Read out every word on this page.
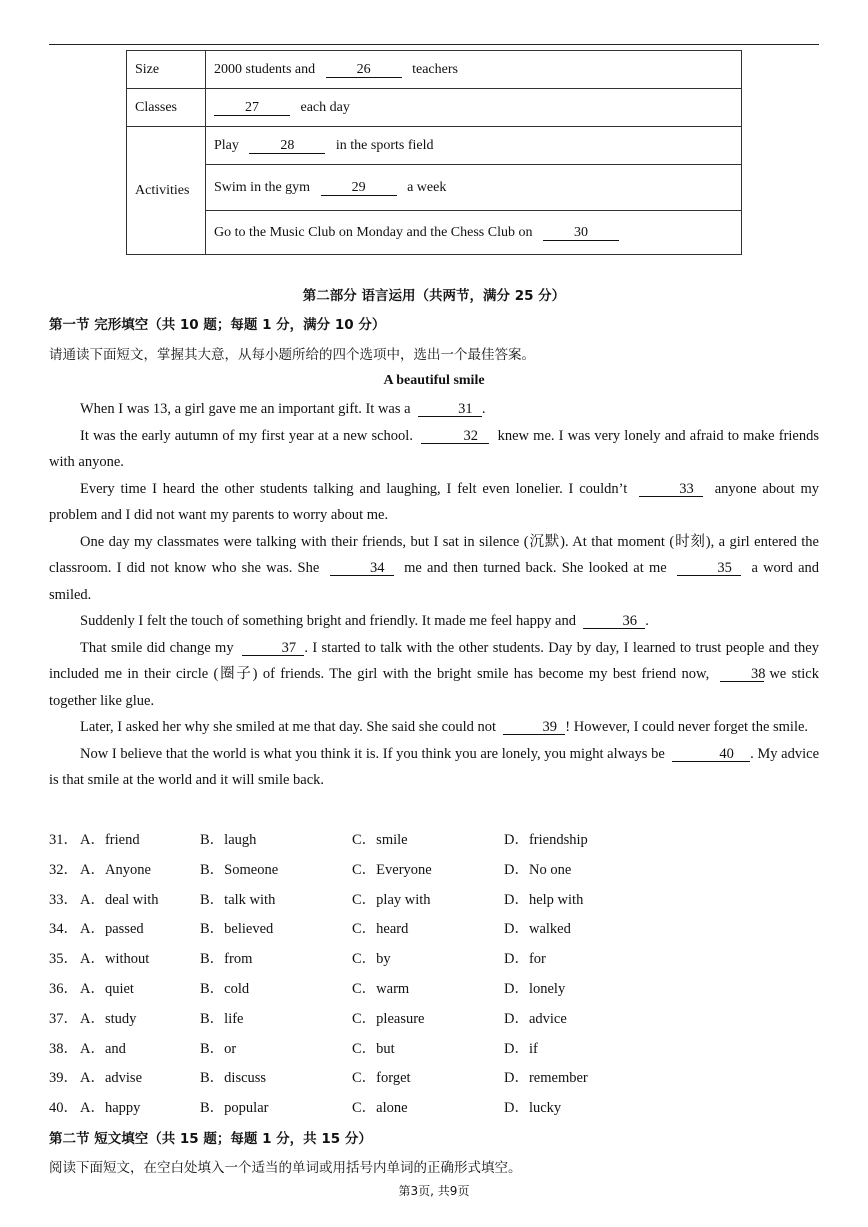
Size	2000 students and 26 teachers
Classes	27 each day
Activities	Play 28 in the sports field
	Swim in the gym 29 a week
	Go to the Music Club on Monday and the Chess Club on 30
第二部分 语言运用（共两节，满分 25 分）
第一节 完形填空（共 10 题；每题 1 分，满分 10 分）
请通读下面短文，掌握其大意，从每小题所给的四个选项中，选出一个最佳答案。
A beautiful smile

When I was 13, a girl gave me an important gift. It was a	31 .

It was the early autumn of my first year at a new school.	32 knew me. I was very lonely and afraid to make friends with anyone.

Every time I heard the other students talking and laughing, I felt even lonelier. I couldn’t	33 anyone about my problem and I did not want my parents to worry about me.

One day my classmates were talking with their friends, but I sat in silence (沉默). At that moment (时刻), a girl entered the classroom. I did not know who she was. She	34 me and then turned back. She looked at me	35 a word and smiled.

Suddenly I felt the touch of something bright and friendly. It made me feel happy and	36 .

That smile did change my	37 . I started to talk with the other students. Day by day, I learned to trust people and they included me in their circle (圈子) of friends. The girl with the bright smile has become my best friend now,	38 we stick together like glue.

Later, I asked her why she smiled at me that day. She said she could not	39 ! However, I could never forget the smile.

Now I believe that the world is what you think it is. If you think you are lonely, you might always be	40 . My advice is that smile at the world and it will smile back.

31． A．friend	B．laugh	C．smile	D．friendship
32． A．Anyone	B．Someone	C．Everyone	D．No one
33． A．deal with	B．talk with	C．play with	D．help with
34． A．passed	B．believed	C．heard	D．walked
35． A．without	B．from	C．by	D．for
36． A．quiet	B．cold	C．warm	D．lonely
37． A．study	B．life	C．pleasure	D．advice
38． A．and	B．or	C．but	D．if
39． A．advise	B．discuss	C．forget	D．remember
40． A．happy	B．popular	C．alone	D．lucky
第二节 短文填空（共 15 题；每题 1 分，共 15 分）
阅读下面短文，在空白处填入一个适当的单词或用括号内单词的正确形式填空。
第3页, 共9页
